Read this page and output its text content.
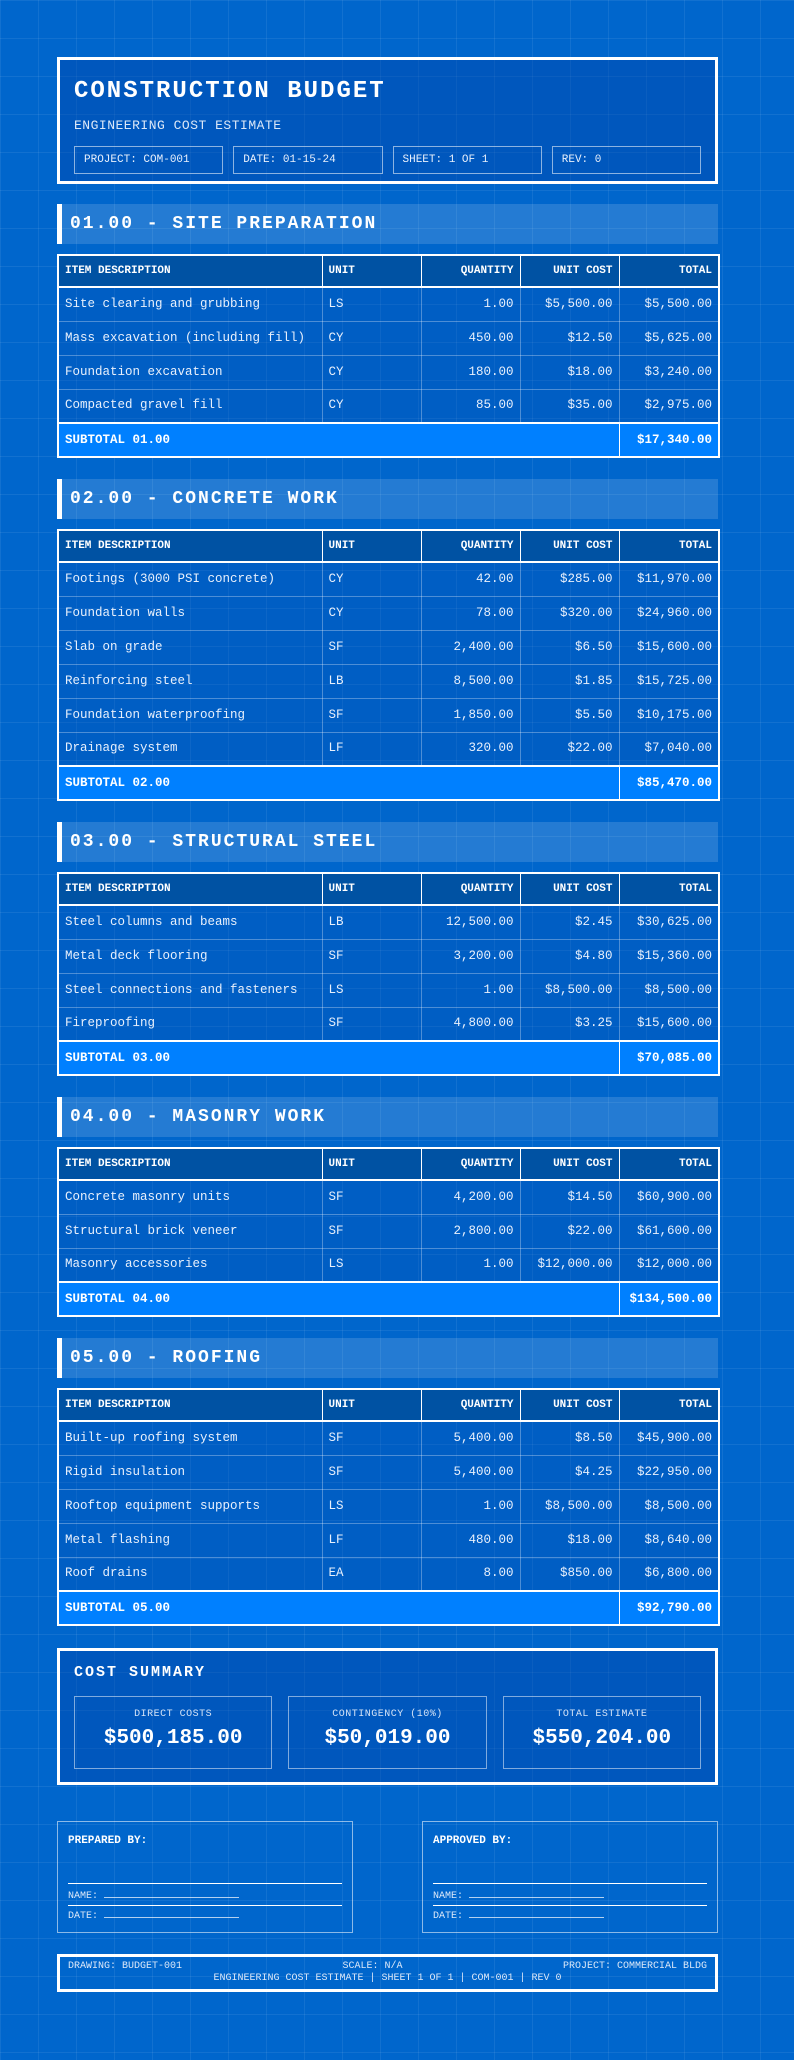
CONSTRUCTION BUDGET
ENGINEERING COST ESTIMATE
PROJECT: COM-001	DATE: 01-15-24	SHEET: 1 OF 1	REV: 0
01.00 - SITE PREPARATION
ITEM DESCRIPTION	UNIT	QUANTITY	UNIT COST	TOTAL
Site clearing and grubbing	LS	1.00	$5,500.00	$5,500.00
Mass excavation (including fill)	CY	450.00	$12.50	$5,625.00
Foundation excavation	CY	180.00	$18.00	$3,240.00
Compacted gravel fill	CY	85.00	$35.00	$2,975.00
SUBTOTAL 01.00				$17,340.00
02.00 - CONCRETE WORK
ITEM DESCRIPTION	UNIT	QUANTITY	UNIT COST	TOTAL
Footings (3000 PSI concrete)	CY	42.00	$285.00	$11,970.00
Foundation walls	CY	78.00	$320.00	$24,960.00
Slab on grade	SF	2,400.00	$6.50	$15,600.00
Reinforcing steel	LB	8,500.00	$1.85	$15,725.00
Foundation waterproofing	SF	1,850.00	$5.50	$10,175.00
Drainage system	LF	320.00	$22.00	$7,040.00
SUBTOTAL 02.00				$85,470.00
03.00 - STRUCTURAL STEEL
ITEM DESCRIPTION	UNIT	QUANTITY	UNIT COST	TOTAL
Steel columns and beams	LB	12,500.00	$2.45	$30,625.00
Metal deck flooring	SF	3,200.00	$4.80	$15,360.00
Steel connections and fasteners	LS	1.00	$8,500.00	$8,500.00
Fireproofing	SF	4,800.00	$3.25	$15,600.00
SUBTOTAL 03.00				$70,085.00
04.00 - MASONRY WORK
ITEM DESCRIPTION	UNIT	QUANTITY	UNIT COST	TOTAL
Concrete masonry units	SF	4,200.00	$14.50	$60,900.00
Structural brick veneer	SF	2,800.00	$22.00	$61,600.00
Masonry accessories	LS	1.00	$12,000.00	$12,000.00
SUBTOTAL 04.00				$134,500.00
05.00 - ROOFING
ITEM DESCRIPTION	UNIT	QUANTITY	UNIT COST	TOTAL
Built-up roofing system	SF	5,400.00	$8.50	$45,900.00
Rigid insulation	SF	5,400.00	$4.25	$22,950.00
Rooftop equipment supports	LS	1.00	$8,500.00	$8,500.00
Metal flashing	LF	480.00	$18.00	$8,640.00
Roof drains	EA	8.00	$850.00	$6,800.00
SUBTOTAL 05.00				$92,790.00
COST SUMMARY
DIRECT COSTS
$500,185.00
CONTINGENCY (10%)
$50,019.00
TOTAL ESTIMATE
$550,204.00
PREPARED BY:
NAME:
DATE:
APPROVED BY:
NAME:
DATE:
DRAWING: BUDGET-001	SCALE: N/A	PROJECT: COMMERCIAL BLDG
ENGINEERING COST ESTIMATE | SHEET 1 OF 1 | COM-001 | REV 0
